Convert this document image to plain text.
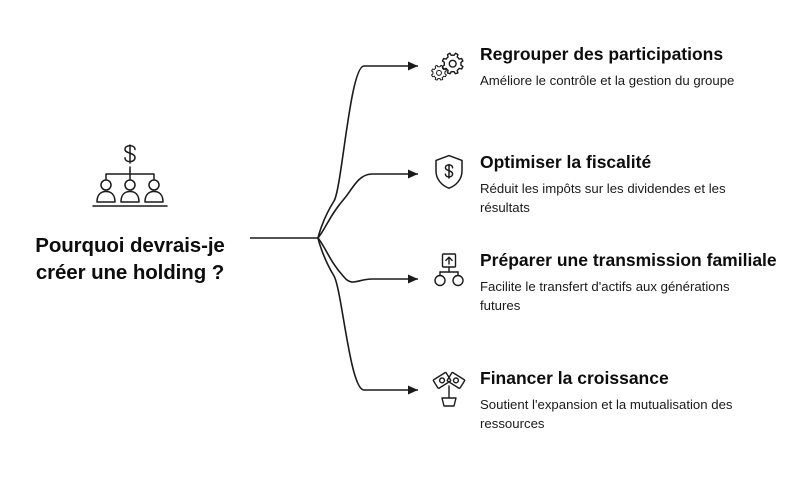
Pourquoi devrais-je créer une holding ?

Regrouper des participations

Améliore le contrôle et la gestion du groupe

Optimiser la fiscalité

Réduit les impôts sur les dividendes et les résultats

Préparer une transmission familiale

Facilite le transfert d'actifs aux générations futures

Financer la croissance

Soutient l'expansion et la mutualisation des ressources
